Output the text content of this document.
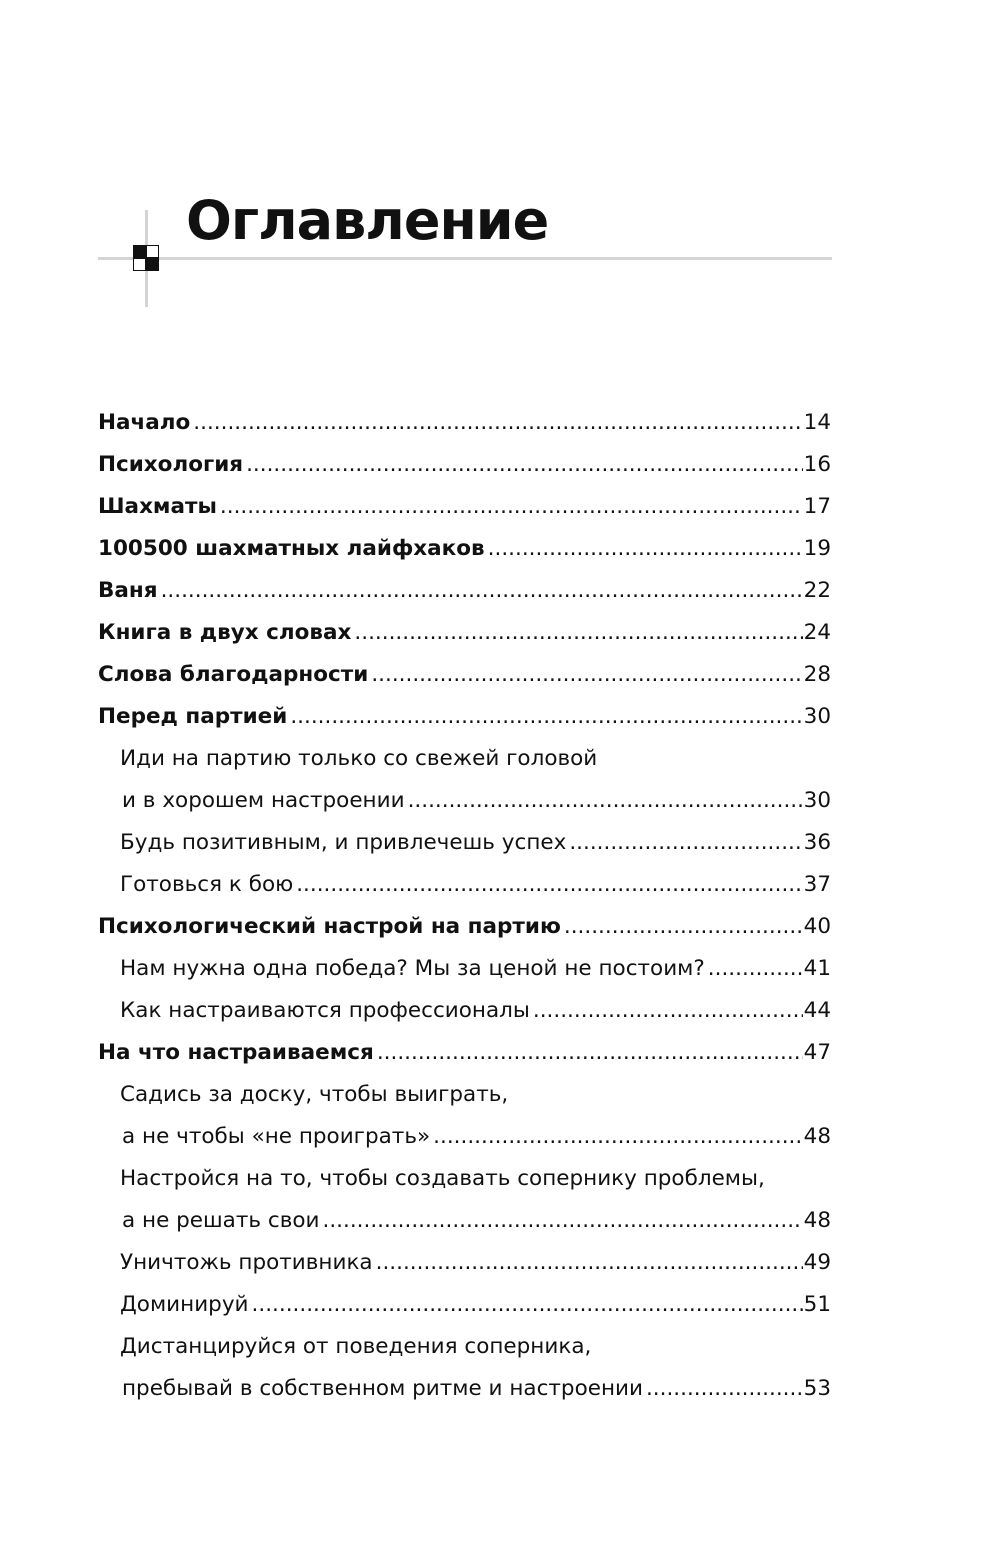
Оглавление
Начало .....	14
Психология .....	16
Шахматы .....	17
100500 шахматных лайфхаков .....	19
Ваня .....	22
Книга в двух словах .....	24
Слова благодарности .....	28
Перед партией .....	30
Иди на партию только со свежей головой
и в хорошем настроении .....	30
Будь позитивным, и привлечешь успех .....	36
Готовься к бою .....	37
Психологический настрой на партию .....	40
Нам нужна одна победа? Мы за ценой не постоим? .....	41
Как настраиваются профессионалы .....	44
На что настраиваемся .....	47
Садись за доску, чтобы выиграть,
а не чтобы «не проиграть» .....	48
Настройся на то, чтобы создавать сопернику проблемы,
а не решать свои .....	48
Уничтожь противника .....	49
Доминируй .....	51
Дистанцируйся от поведения соперника,
пребывай в собственном ритме и настроении .....	53
